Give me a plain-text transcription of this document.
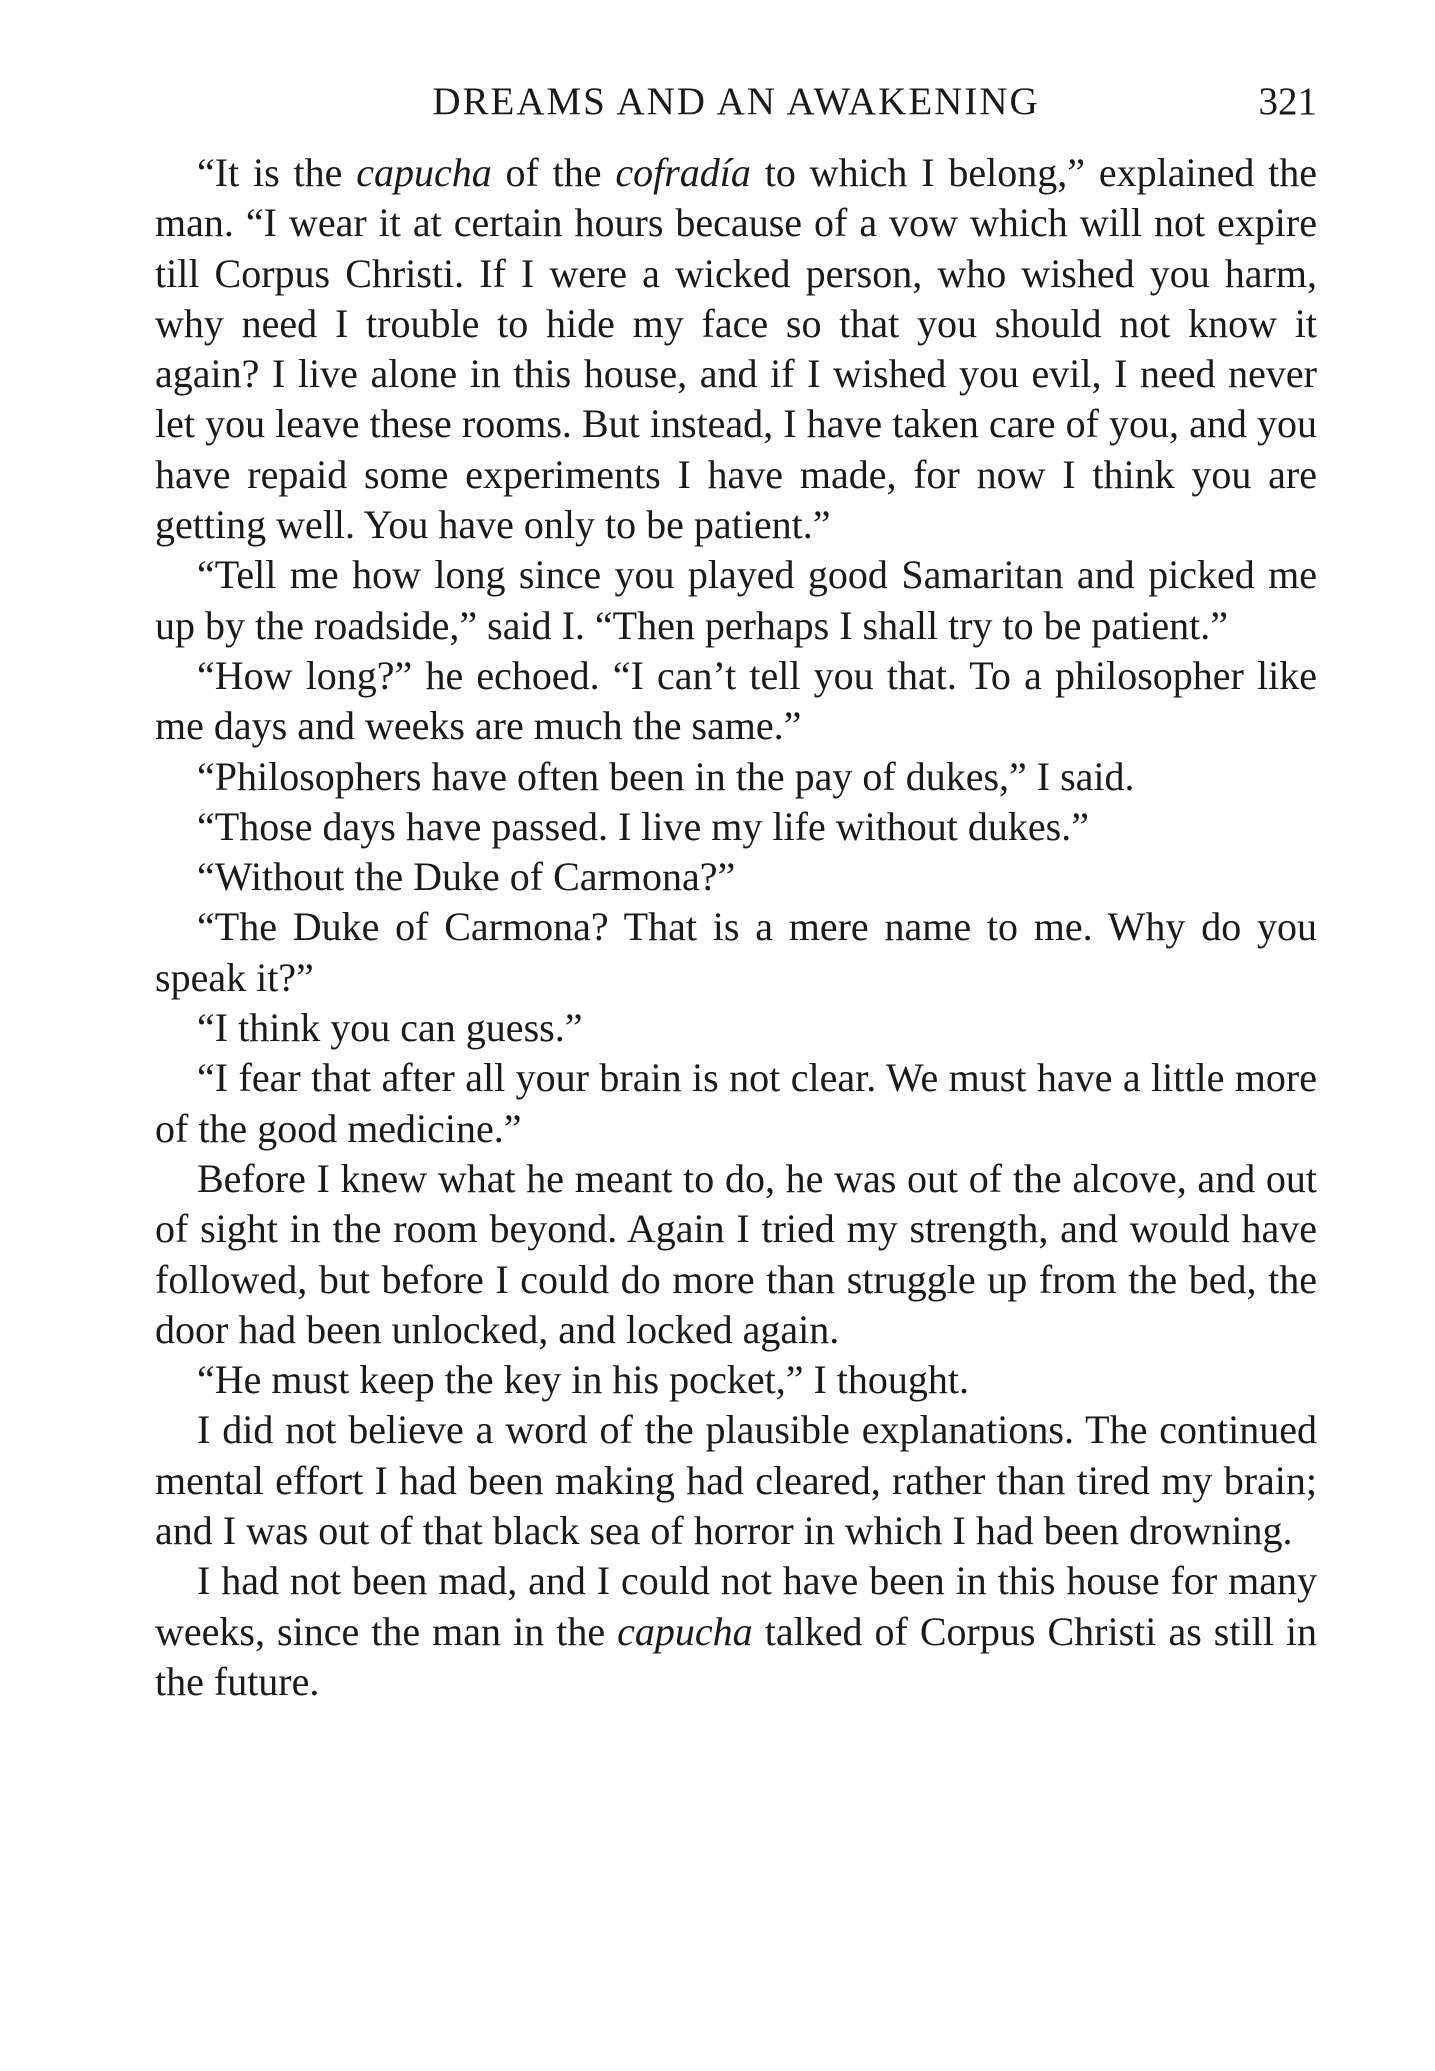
DREAMS AND AN AWAKENING	321

“It is the capucha of the cofradía to which I belong,” explained the man. “I wear it at certain hours because of a vow which will not expire till Corpus Christi. If I were a wicked person, who wished you harm, why need I trouble to hide my face so that you should not know it again? I live alone in this house, and if I wished you evil, I need never let you leave these rooms. But instead, I have taken care of you, and you have repaid some experiments I have made, for now I think you are getting well. You have only to be patient.”

“Tell me how long since you played good Samaritan and picked me up by the roadside,” said I. “Then perhaps I shall try to be patient.”

“How long?” he echoed. “I can’t tell you that. To a philosopher like me days and weeks are much the same.”

“Philosophers have often been in the pay of dukes,” I said.

“Those days have passed. I live my life without dukes.”

“Without the Duke of Carmona?”

“The Duke of Carmona? That is a mere name to me. Why do you speak it?”

“I think you can guess.”

“I fear that after all your brain is not clear. We must have a little more of the good medicine.”

Before I knew what he meant to do, he was out of the alcove, and out of sight in the room beyond. Again I tried my strength, and would have followed, but before I could do more than struggle up from the bed, the door had been unlocked, and locked again.

“He must keep the key in his pocket,” I thought.

I did not believe a word of the plausible explanations. The continued mental effort I had been making had cleared, rather than tired my brain; and I was out of that black sea of horror in which I had been drowning.

I had not been mad, and I could not have been in this house for many weeks, since the man in the capucha talked of Corpus Christi as still in the future.
